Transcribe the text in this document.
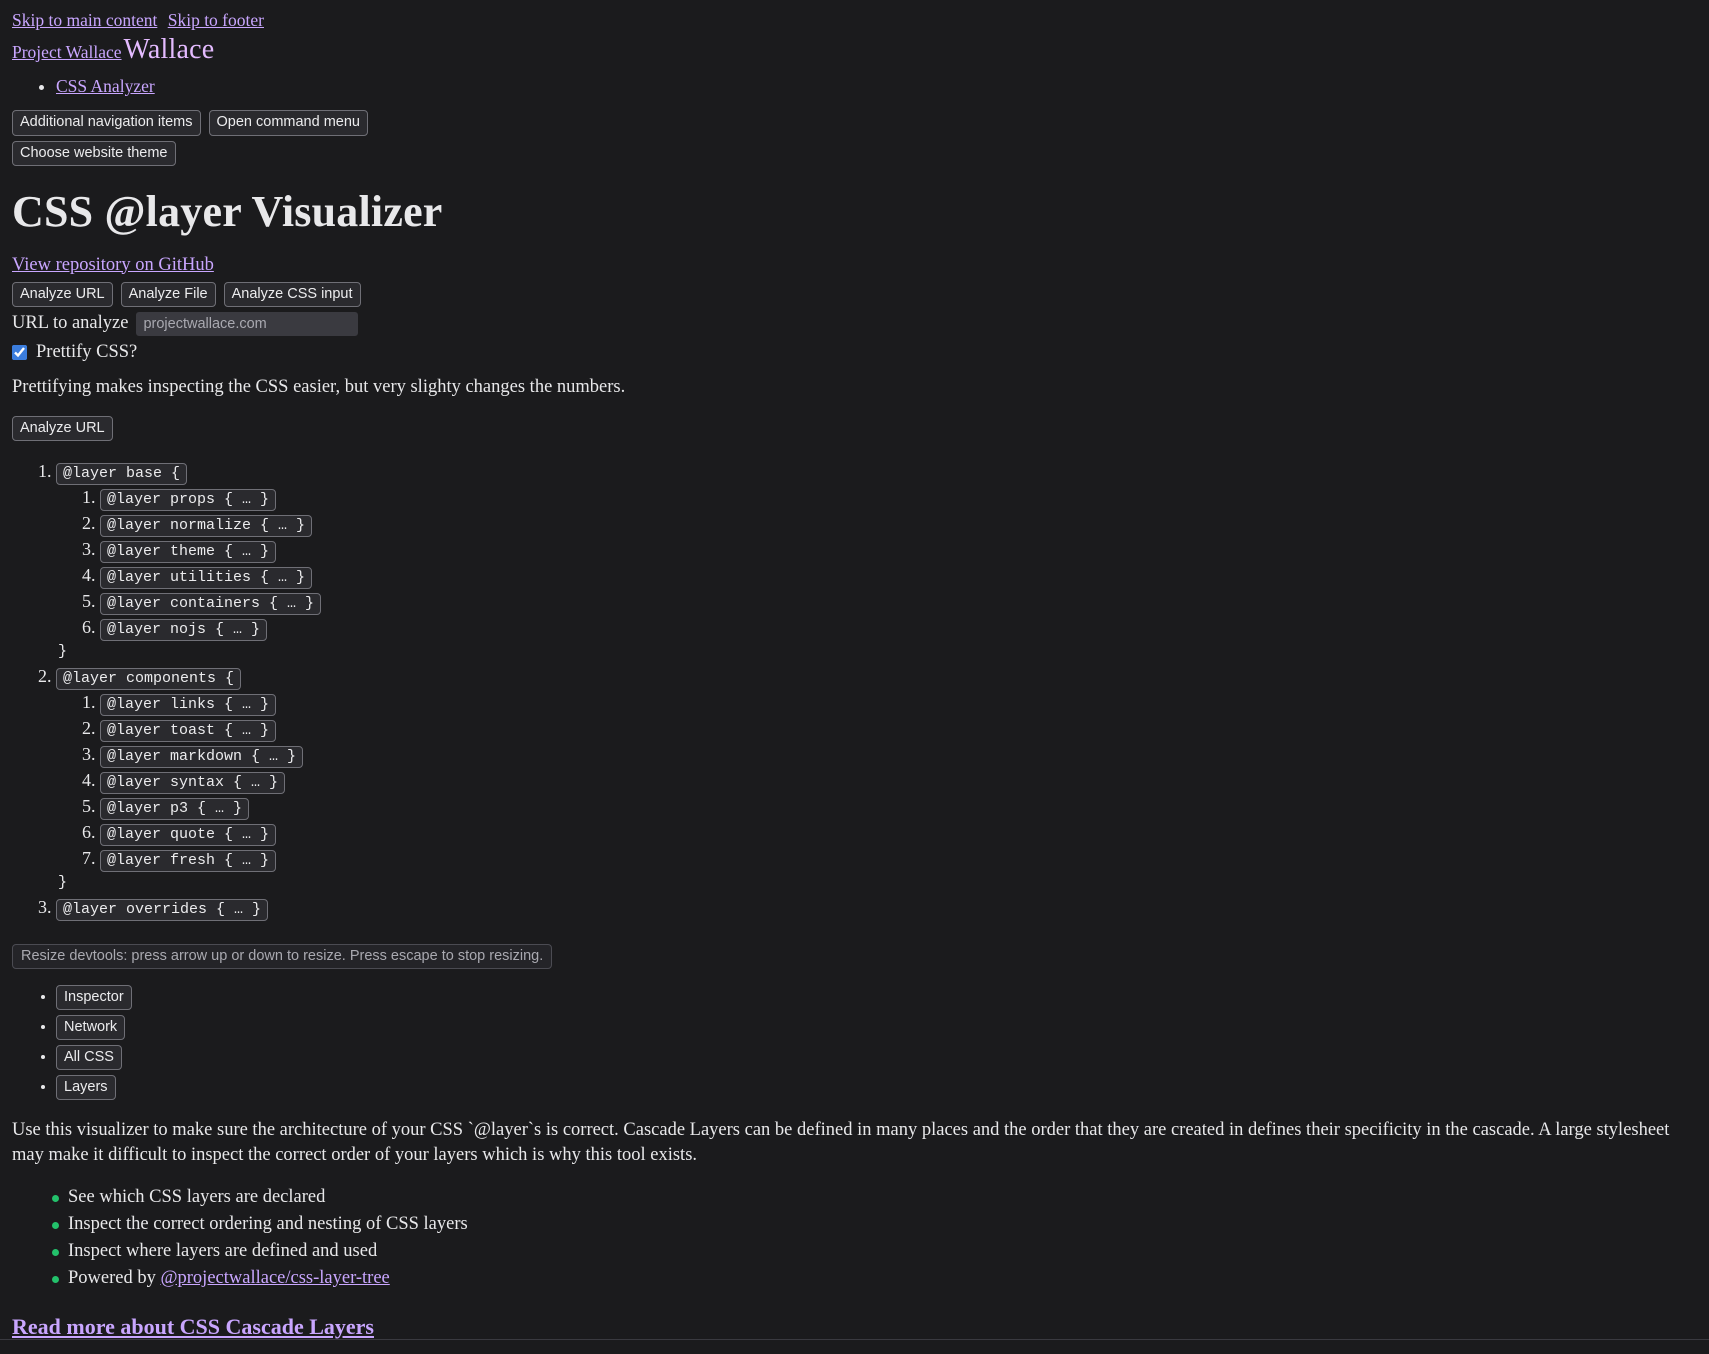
Skip to main content Skip to footer
Project Wallace Wallace
• CSS Analyzer
Additional navigation items Open command menu
Choose website theme
CSS @layer Visualizer
View repository on GitHub
Analyze URL Analyze File Analyze CSS input
URL to analyze
projectwallace.com
Prettify CSS?

Prettifying makes inspecting the CSS easier, but very slighty changes the numbers.

Analyze URL
1. @layer base {
1. @layer props { … }
2. @layer normalize { … }
3. @layer theme { … }
4. @layer utilities { … }
5. @layer containers { … }
6. @layer nojs { … }
}
2. @layer components {
1. @layer links { … }
2. @layer toast { … }
3. @layer markdown { … }
4. @layer syntax { … }
5. @layer p3 { … }
6. @layer quote { … }
7. @layer fresh { … }
}
3. @layer overrides { … }
Resize devtools: press arrow up or down to resize. Press escape to stop resizing.
• Inspector
• Network
• All CSS
• Layers

Use this visualizer to make sure the architecture of your CSS `@layer`s is correct. Cascade Layers can be defined in many places and the order that they are created in defines their specificity in the cascade. A large stylesheet may make it difficult to inspect the correct order of your layers which is why this tool exists.

See which CSS layers are declared
Inspect the correct ordering and nesting of CSS layers
Inspect where layers are defined and used
Powered by @projectwallace/css-layer-tree
Read more about CSS Cascade Layers
